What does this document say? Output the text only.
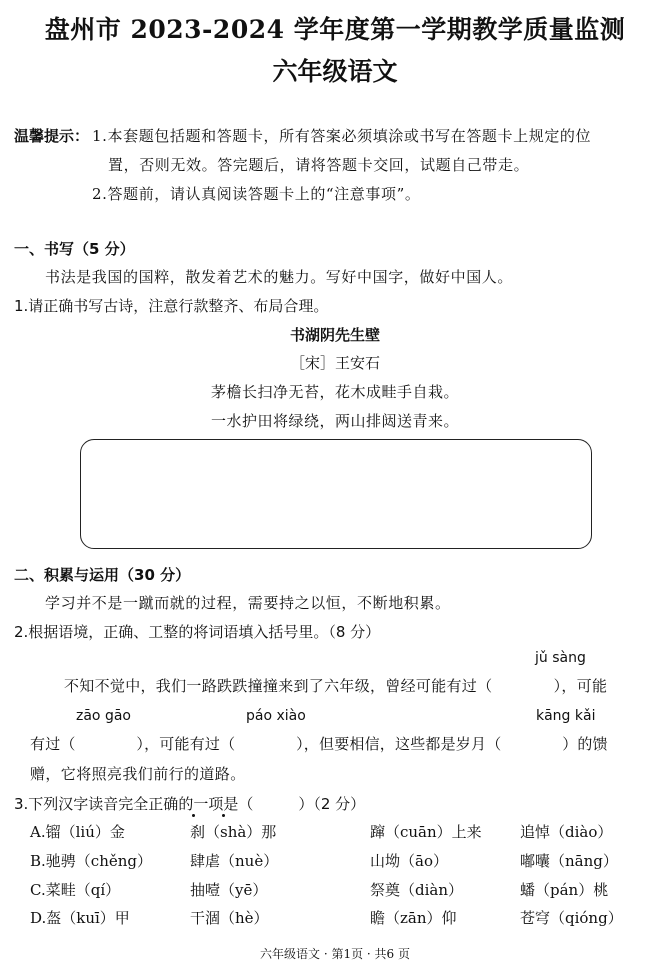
盘州市 2023-2024 学年度第一学期教学质量监测
六年级语文
温馨提示： 1.本套题包括题和答题卡，所有答案必须填涂或书写在答题卡上规定的位
置，否则无效。答完题后，请将答题卡交回，试题自己带走。
2.答题前，请认真阅读答题卡上的“注意事项”。
一、书写（5 分）
书法是我国的国粹，散发着艺术的魅力。写好中国字，做好中国人。
1.请正确书写古诗，注意行款整齐、布局合理。
书湖阴先生壁
［宋］王安石
茅檐长扫净无苔，花木成畦手自栽。
一水护田将绿绕，两山排闼送青来。
二、积累与运用（30 分）
学习并不是一蹴而就的过程，需要持之以恒，不断地积累。
2.根据语境，正确、工整的将词语填入括号里。（8 分）
jǔ sàng
不知不觉中，我们一路跌跌撞撞来到了六年级，曾经可能有过（　　　　），可能
zāo gāo	páo xiào	kāng kǎi
有过（　　　　），可能有过（　　　　），但要相信，这些都是岁月（　　　　）的馈
赠，它将照亮我们前行的道路。
3.下列汉字读音完全正确的一项是（　　　）（2 分）
A.镏（liú）金	刹（shà）那	蹿（cuān）上来	追悼（diào）
B.驰骋（chěng）	肆虐（nuè）	山坳（āo）	嘟囔（nāng）
C.菜畦（qí）	抽噎（yē）	祭奠（diàn）	蟠（pán）桃
D.盔（kuī）甲	干涸（hè）	瞻（zān）仰	苍穹（qióng）
六年级语文 · 第1页 · 共6 页
